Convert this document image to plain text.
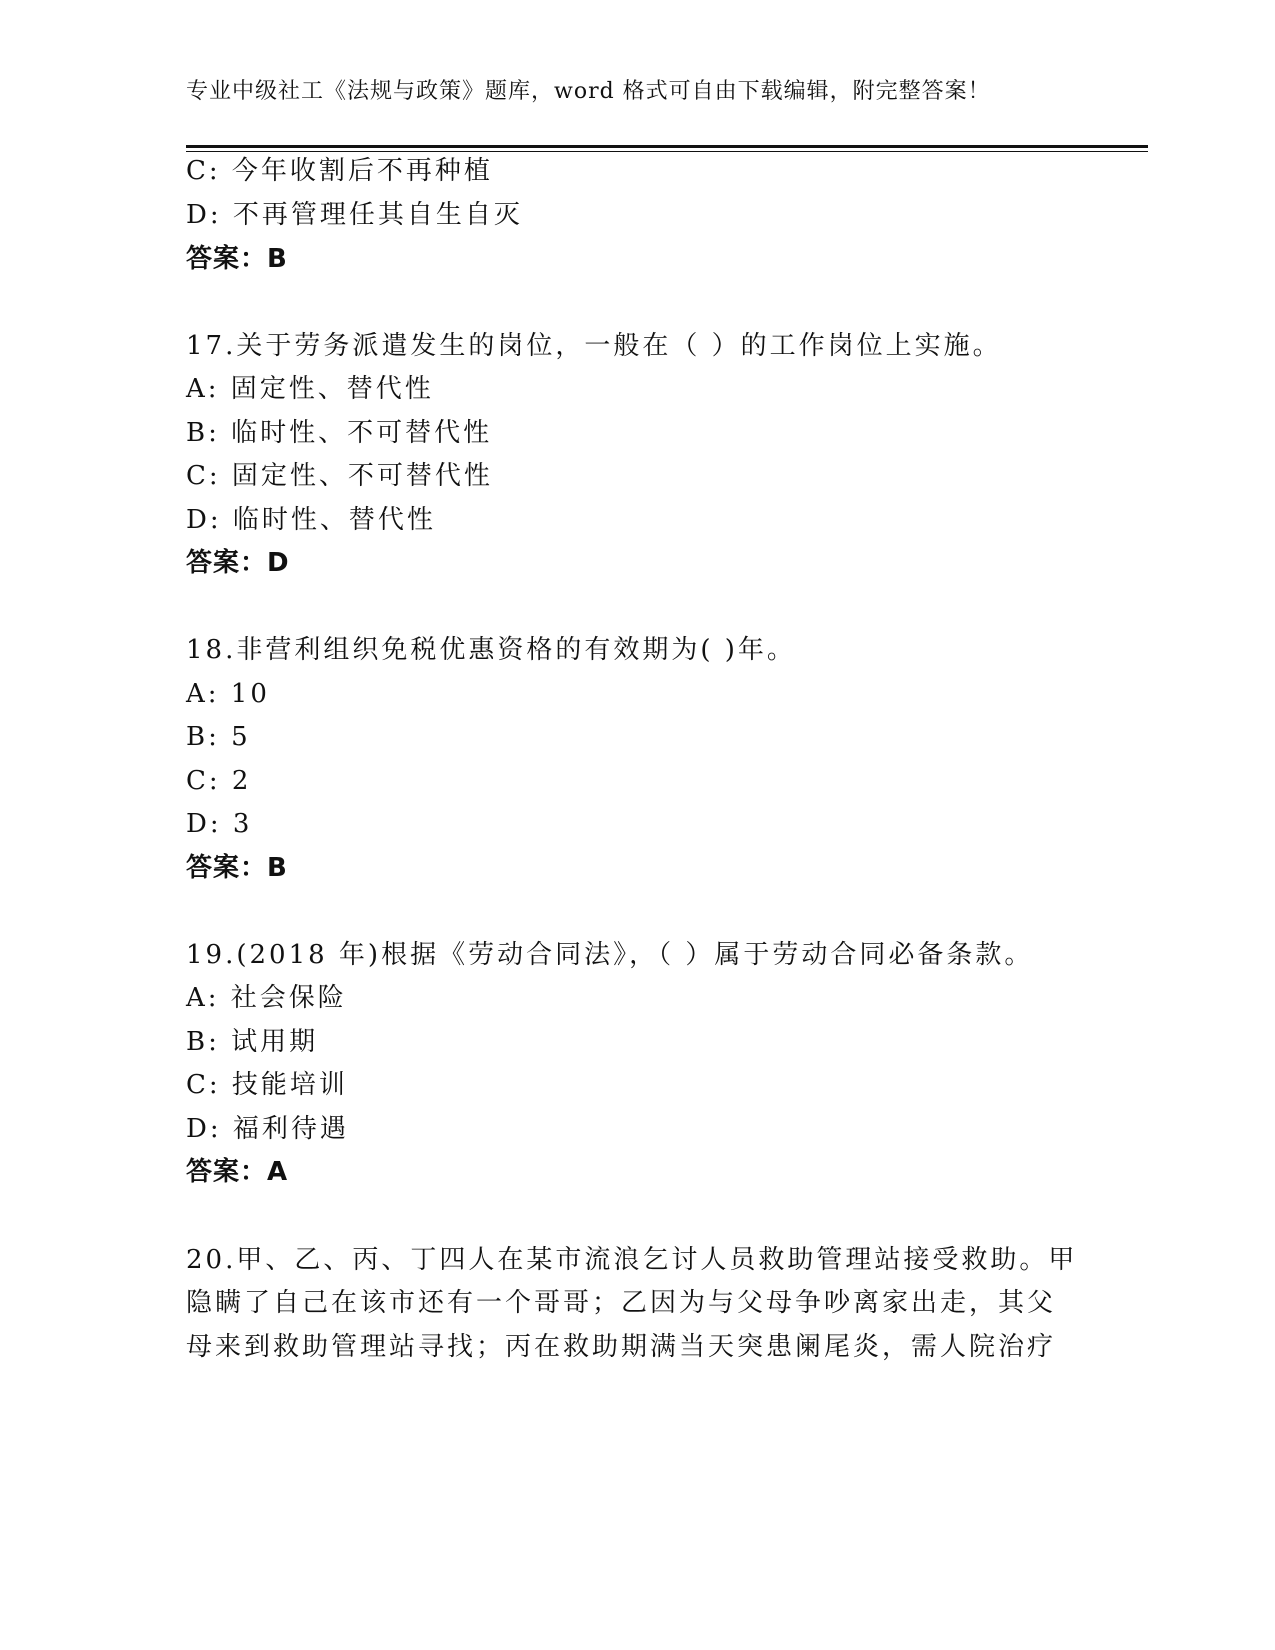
专业中级社工《法规与政策》题库，word 格式可自由下载编辑，附完整答案！
C: 今年收割后不再种植
D: 不再管理任其自生自灭
答案：B
17.关于劳务派遣发生的岗位，一般在（ ）的工作岗位上实施。
A: 固定性、替代性
B: 临时性、不可替代性
C: 固定性、不可替代性
D: 临时性、替代性
答案：D
18.非营利组织免税优惠资格的有效期为( )年。
A: 10
B: 5
C: 2
D: 3
答案：B
19.(2018 年)根据《劳动合同法》，（ ）属于劳动合同必备条款。
A: 社会保险
B: 试用期
C: 技能培训
D: 福利待遇
答案：A
20.甲、乙、丙、丁四人在某市流浪乞讨人员救助管理站接受救助。甲
隐瞒了自己在该市还有一个哥哥；乙因为与父母争吵离家出走，其父
母来到救助管理站寻找；丙在救助期满当天突患阑尾炎，需人院治疗
